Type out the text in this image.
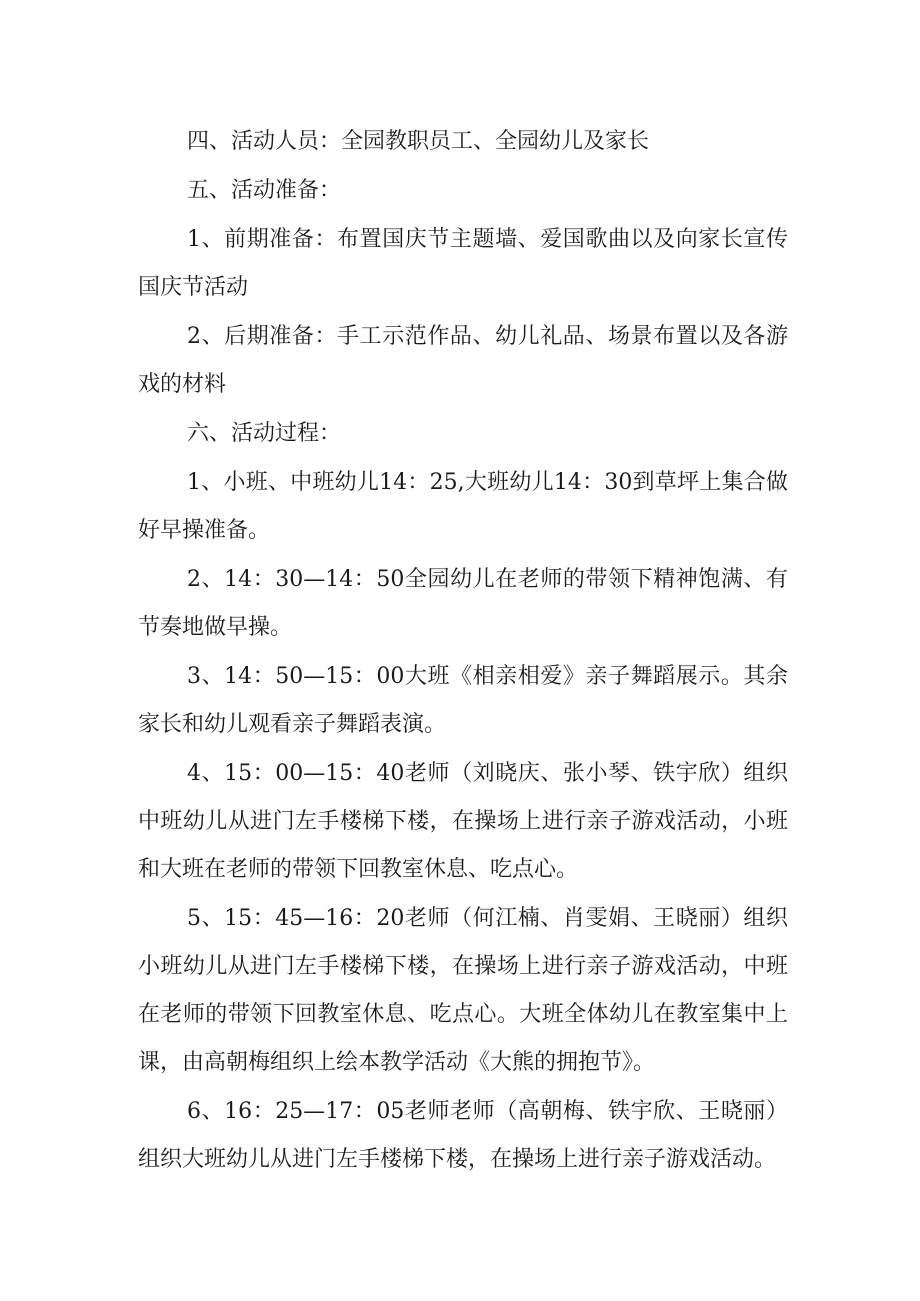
四、活动人员：全园教职员工、全园幼儿及家长

五、活动准备：

1、前期准备：布置国庆节主题墙、爱国歌曲以及向家长宣传国庆节活动

2、后期准备：手工示范作品、幼儿礼品、场景布置以及各游戏的材料

六、活动过程：

1、小班、中班幼儿14：25,大班幼儿14：30到草坪上集合做好早操准备。

2、14：30—14：50全园幼儿在老师的带领下精神饱满、有节奏地做早操。

3、14：50—15：00大班《相亲相爱》亲子舞蹈展示。其余家长和幼儿观看亲子舞蹈表演。

4、15：00—15：40老师（刘晓庆、张小琴、铁宇欣）组织中班幼儿从进门左手楼梯下楼，在操场上进行亲子游戏活动，小班和大班在老师的带领下回教室休息、吃点心。

5、15：45—16：20老师（何江楠、肖雯娟、王晓丽）组织小班幼儿从进门左手楼梯下楼，在操场上进行亲子游戏活动，中班在老师的带领下回教室休息、吃点心。大班全体幼儿在教室集中上课，由高朝梅组织上绘本教学活动《大熊的拥抱节》。

6、16：25—17：05老师老师（高朝梅、铁宇欣、王晓丽）组织大班幼儿从进门左手楼梯下楼，在操场上进行亲子游戏活动。
